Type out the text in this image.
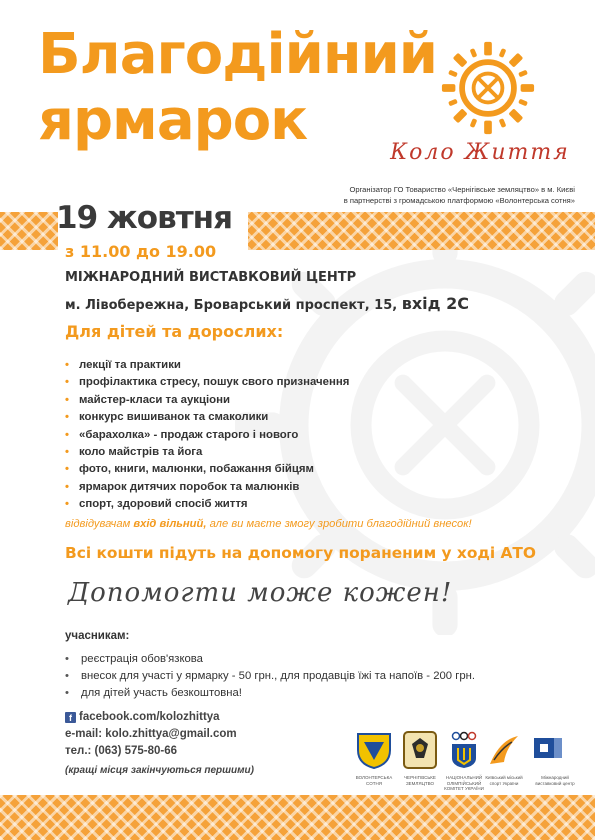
Благодійний
ярмарок	Коло Життя
Організатор ГО Товариство «Чернігівське земляцтво» в м. Києві
в партнерстві з громадською платформою «Волонтерська сотня»
19 жовтня
з 11.00 до 19.00
МІЖНАРОДНИЙ ВИСТАВКОВИЙ ЦЕНТР
м. Лівобережна, Броварський проспект, 15, вхід 2С
Для дітей та дорослих:
• лекції та практики
• профілактика стресу, пошук свого призначення
• майстер-класи та аукціони
• конкурс вишиванок та смаколики
• «барахолка» - продаж старого і нового
• коло майстрів та йога
• фото, книги, малюнки, побажання бійцям
• ярмарок дитячих поробок та малюнків
• спорт, здоровий спосіб життя
відвідувачам вхід вільний, але ви маєте змогу зробити благодійний внесок!
Всі кошти підуть на допомогу пораненим у ході АТО
Допомогти може кожен!
учасникам:
• реєстрація обов'язкова
• внесок для участі у ярмарку - 50 грн., для продавців їжі та напоїв - 200 грн.
• для дітей участь безкоштовна!
f facebook.com/kolozhittya
e-mail: kolo.zhittya@gmail.com
тел.: (063) 575-80-66
(кращі місця закінчуються першими)
ВОЛОНТЕРСЬКА СОТНЯ
ЧЕРНІГІВСЬКЕ ЗЕМЛЯЦТВО
НАЦІОНАЛЬНИЙ ОЛІМПІЙСЬКИЙ КОМІТЕТ УКРАЇНИ
Київський міський спорт України
Міжнародний виставковий центр
